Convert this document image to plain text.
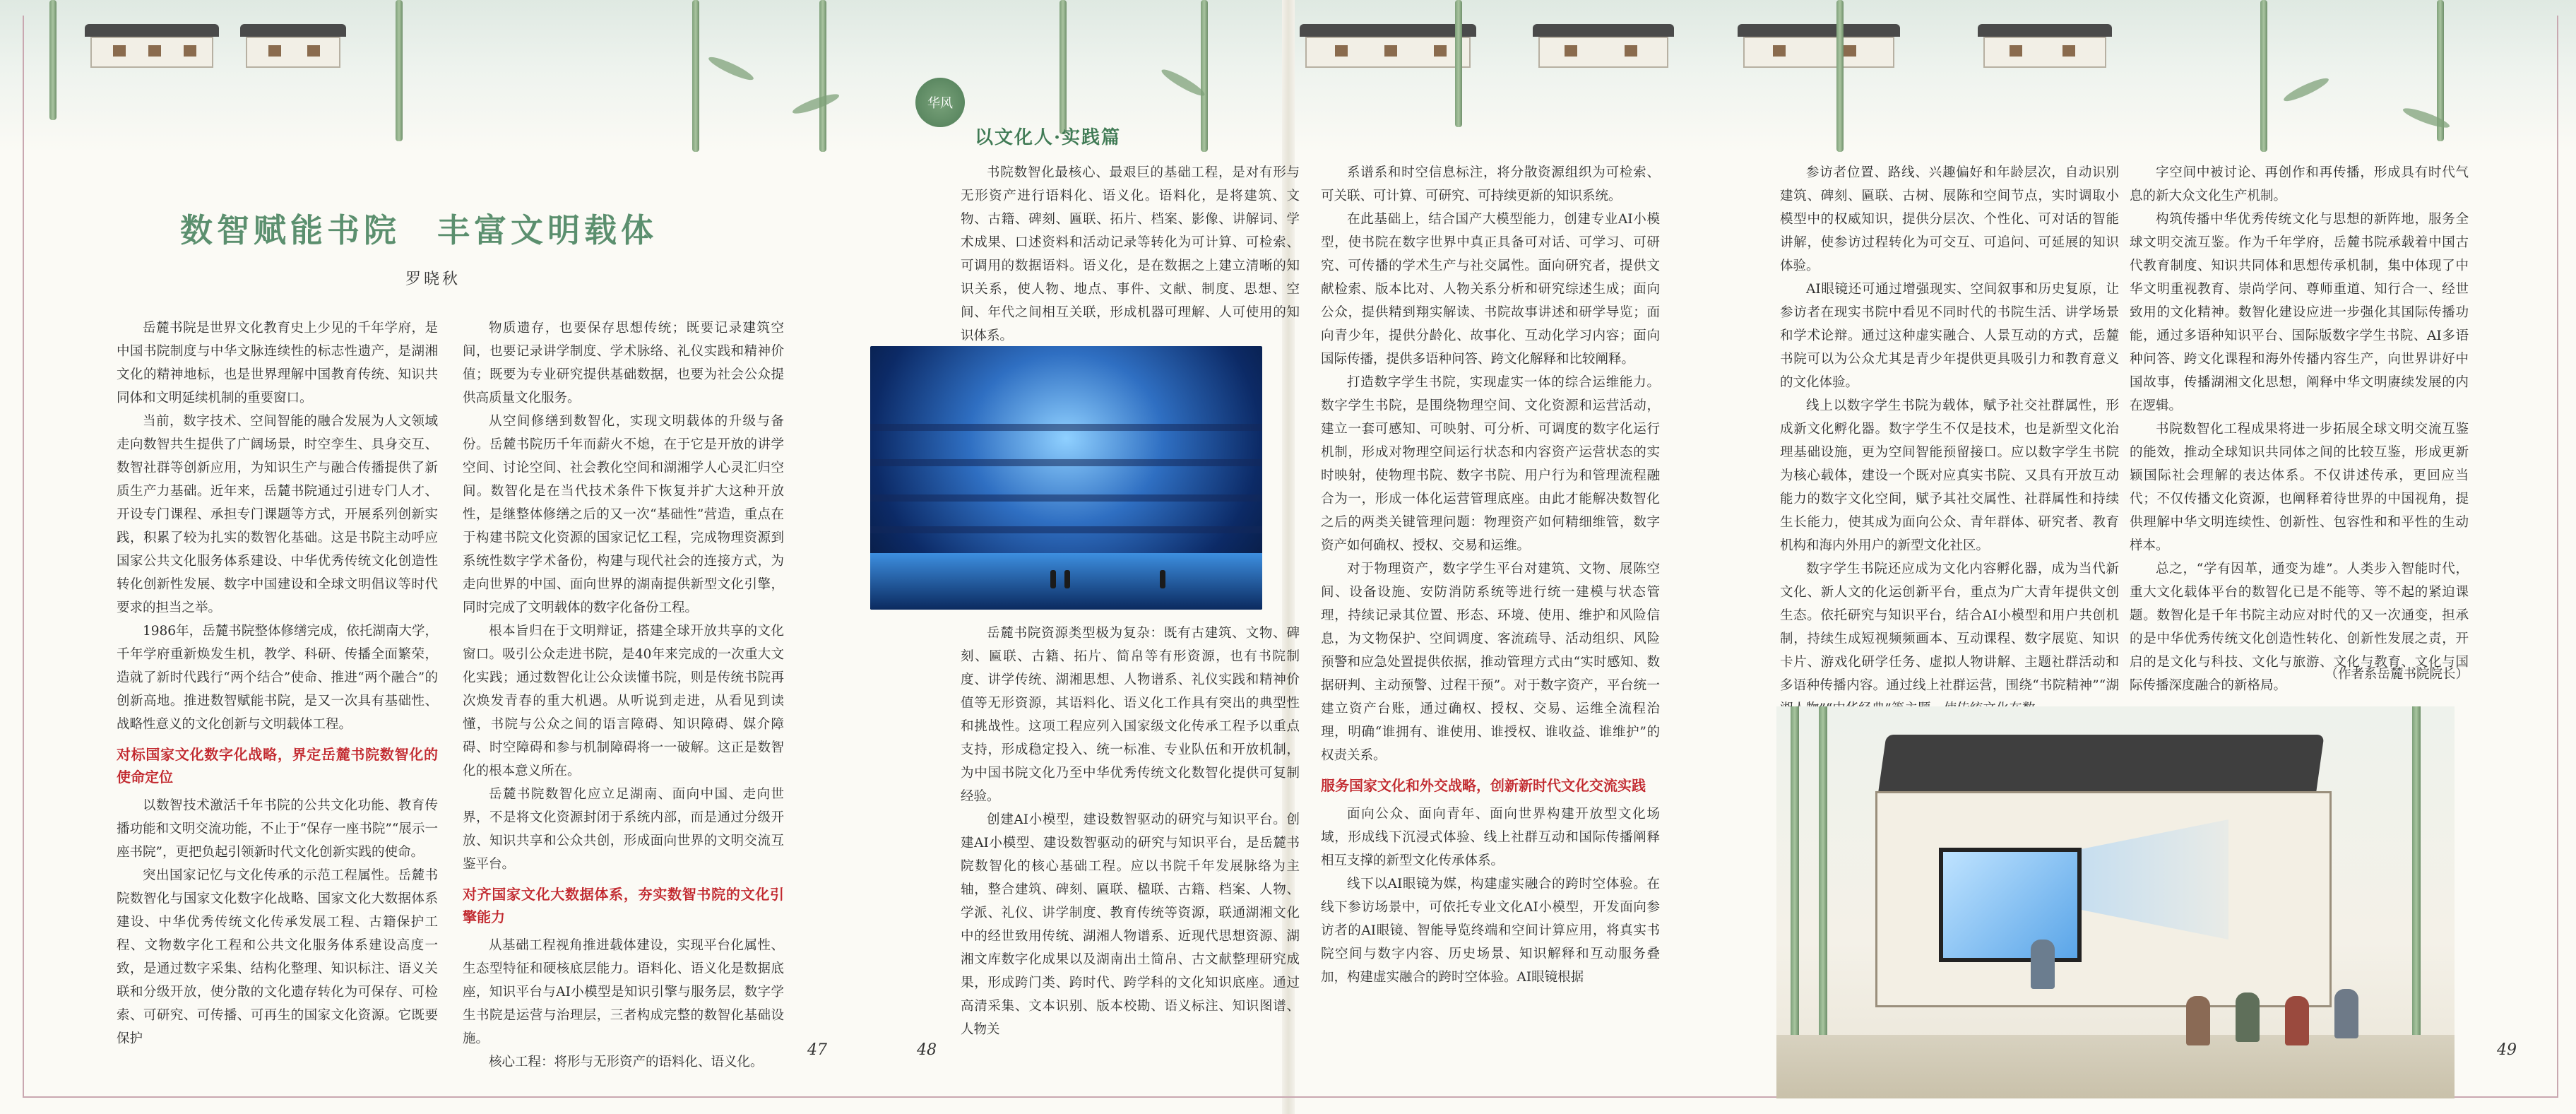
华风
以文化人·实践篇
数智赋能书院　丰富文明载体
罗晓秋

岳麓书院是世界文化教育史上少见的千年学府，是中国书院制度与中华文脉连续性的标志性遗产，是湖湘文化的精神地标，也是世界理解中国教育传统、知识共同体和文明延续机制的重要窗口。

当前，数字技术、空间智能的融合发展为人文领域走向数智共生提供了广阔场景，时空孪生、具身交互、数智社群等创新应用，为知识生产与融合传播提供了新质生产力基础。近年来，岳麓书院通过引进专门人才、开设专门课程、承担专门课题等方式，开展系列创新实践，积累了较为扎实的数智化基础。这是书院主动呼应国家公共文化服务体系建设、中华优秀传统文化创造性转化创新性发展、数字中国建设和全球文明倡议等时代要求的担当之举。

1986年，岳麓书院整体修缮完成，依托湖南大学，千年学府重新焕发生机，教学、科研、传播全面繁荣，造就了新时代践行“两个结合”使命、推进“两个融合”的创新高地。推进数智赋能书院，是又一次具有基础性、战略性意义的文化创新与文明载体工程。

对标国家文化数字化战略，界定岳麓书院数智化的使命定位

以数智技术激活千年书院的公共文化功能、教育传播功能和文明交流功能，不止于“保存一座书院”“展示一座书院”，更把负起引领新时代文化创新实践的使命。

突出国家记忆与文化传承的示范工程属性。岳麓书院数智化与国家文化数字化战略、国家文化大数据体系建设、中华优秀传统文化传承发展工程、古籍保护工程、文物数字化工程和公共文化服务体系建设高度一致，是通过数字采集、结构化整理、知识标注、语义关联和分级开放，使分散的文化遗存转化为可保存、可检索、可研究、可传播、可再生的国家文化资源。它既要保护

物质遗存，也要保存思想传统；既要记录建筑空间，也要记录讲学制度、学术脉络、礼仪实践和精神价值；既要为专业研究提供基础数据，也要为社会公众提供高质量文化服务。

从空间修缮到数智化，实现文明载体的升级与备份。岳麓书院历千年而薪火不熄，在于它是开放的讲学空间、讨论空间、社会教化空间和湖湘学人心灵汇归空间。数智化是在当代技术条件下恢复并扩大这种开放性，是继整体修缮之后的又一次“基础性”营造，重点在于构建书院文化资源的国家记忆工程，完成物理资源到系统性数字学术备份，构建与现代社会的连接方式，为走向世界的中国、面向世界的湖南提供新型文化引擎，同时完成了文明载体的数字化备份工程。

根本旨归在于文明辩证，搭建全球开放共享的文化窗口。吸引公众走进书院，是40年来完成的一次重大文化实践；通过数智化让公众读懂书院，则是传统书院再次焕发青春的重大机遇。从听说到走进，从看见到读懂，书院与公众之间的语言障碍、知识障碍、媒介障碍、时空障碍和参与机制障碍将一一破解。这正是数智化的根本意义所在。

岳麓书院数智化应立足湖南、面向中国、走向世界，不是将文化资源封闭于系统内部，而是通过分级开放、知识共享和公众共创，形成面向世界的文明交流互鉴平台。

对齐国家文化大数据体系，夯实数智书院的文化引擎能力

从基础工程视角推进载体建设，实现平台化属性、生态型特征和硬核底层能力。语料化、语义化是数据底座，知识平台与AI小模型是知识引擎与服务层，数字学生书院是运营与治理层，三者构成完整的数智化基础设施。

核心工程：将形与无形资产的语料化、语义化。

书院数智化最核心、最艰巨的基础工程，是对有形与无形资产进行语料化、语义化。语料化，是将建筑、文物、古籍、碑刻、匾联、拓片、档案、影像、讲解词、学术成果、口述资料和活动记录等转化为可计算、可检索、可调用的数据语料。语义化，是在数据之上建立清晰的知识关系，使人物、地点、事件、文献、制度、思想、空间、年代之间相互关联，形成机器可理解、人可使用的知识体系。

岳麓书院资源类型极为复杂：既有古建筑、文物、碑刻、匾联、古籍、拓片、简帛等有形资源，也有书院制度、讲学传统、湖湘思想、人物谱系、礼仪实践和精神价值等无形资源，其语料化、语义化工作具有突出的典型性和挑战性。这项工程应列入国家级文化传承工程予以重点支持，形成稳定投入、统一标准、专业队伍和开放机制，为中国书院文化乃至中华优秀传统文化数智化提供可复制经验。

创建AI小模型，建设数智驱动的研究与知识平台。创建AI小模型、建设数智驱动的研究与知识平台，是岳麓书院数智化的核心基础工程。应以书院千年发展脉络为主轴，整合建筑、碑刻、匾联、楹联、古籍、档案、人物、学派、礼仪、讲学制度、教育传统等资源，联通湖湘文化中的经世致用传统、湖湘人物谱系、近现代思想资源、湖湘文库数字化成果以及湖南出土简帛、古文献整理研究成果，形成跨门类、跨时代、跨学科的文化知识底座。通过高清采集、文本识别、版本校勘、语义标注、知识图谱、人物关

系谱系和时空信息标注，将分散资源组织为可检索、可关联、可计算、可研究、可持续更新的知识系统。

在此基础上，结合国产大模型能力，创建专业AI小模型，使书院在数字世界中真正具备可对话、可学习、可研究、可传播的学术生产与社交属性。面向研究者，提供文献检索、版本比对、人物关系分析和研究综述生成；面向公众，提供精到翔实解读、书院故事讲述和研学导览；面向青少年，提供分龄化、故事化、互动化学习内容；面向国际传播，提供多语种问答、跨文化解释和比较阐释。

打造数字学生书院，实现虚实一体的综合运维能力。数字学生书院，是围绕物理空间、文化资源和运营活动，建立一套可感知、可映射、可分析、可调度的数字化运行机制，形成对物理空间运行状态和内容资产运营状态的实时映射，使物理书院、数字书院、用户行为和管理流程融合为一，形成一体化运营管理底座。由此才能解决数智化之后的两类关键管理问题：物理资产如何精细维管，数字资产如何确权、授权、交易和运维。

对于物理资产，数字学生平台对建筑、文物、展陈空间、设备设施、安防消防系统等进行统一建模与状态管理，持续记录其位置、形态、环境、使用、维护和风险信息，为文物保护、空间调度、客流疏导、活动组织、风险预警和应急处置提供依据，推动管理方式由“实时感知、数据研判、主动预警、过程干预”。对于数字资产，平台统一建立资产台账，通过确权、授权、交易、运维全流程治理，明确“谁拥有、谁使用、谁授权、谁收益、谁维护”的权责关系。

服务国家文化和外交战略，创新新时代文化交流实践

面向公众、面向青年、面向世界构建开放型文化场域，形成线下沉浸式体验、线上社群互动和国际传播阐释相互支撑的新型文化传承体系。

线下以AI眼镜为媒，构建虚实融合的跨时空体验。在线下参访场景中，可依托专业文化AI小模型，开发面向参访者的AI眼镜、智能导览终端和空间计算应用，将真实书院空间与数字内容、历史场景、知识解释和互动服务叠加，构建虚实融合的跨时空体验。AI眼镜根据

参访者位置、路线、兴趣偏好和年龄层次，自动识别建筑、碑刻、匾联、古树、展陈和空间节点，实时调取小模型中的权威知识，提供分层次、个性化、可对话的智能讲解，使参访过程转化为可交互、可追问、可延展的知识体验。

AI眼镜还可通过增强现实、空间叙事和历史复原，让参访者在现实书院中看见不同时代的书院生活、讲学场景和学术论辩。通过这种虚实融合、人景互动的方式，岳麓书院可以为公众尤其是青少年提供更具吸引力和教育意义的文化体验。

线上以数字学生书院为载体，赋予社交社群属性，形成新文化孵化器。数字学生不仅是技术，也是新型文化治理基础设施，更为空间智能预留接口。应以数字学生书院为核心载体，建设一个既对应真实书院、又具有开放互动能力的数字文化空间，赋予其社交属性、社群属性和持续生长能力，使其成为面向公众、青年群体、研究者、教育机构和海内外用户的新型文化社区。

数字学生书院还应成为文化内容孵化器，成为当代新文化、新人文的化运创新平台，重点为广大青年提供文创生态。依托研究与知识平台，结合AI小模型和用户共创机制，持续生成短视频频画本、互动课程、数字展览、知识卡片、游戏化研学任务、虚拟人物讲解、主题社群活动和多语种传播内容。通过线上社群运营，围绕“书院精神”“湖

字空间中被讨论、再创作和再传播，形成具有时代气息的新大众文化生产机制。

构筑传播中华优秀传统文化与思想的新阵地，服务全球文明交流互鉴。作为千年学府，岳麓书院承载着中国古代教育制度、知识共同体和思想传承机制，集中体现了中华文明重视教育、崇尚学问、尊师重道、知行合一、经世致用的文化精神。数智化建设应进一步强化其国际传播功能，通过多语种知识平台、国际版数字学生书院、AI多语种问答、跨文化课程和海外传播内容生产，向世界讲好中国故事，传播湖湘文化思想，阐释中华文明赓续发展的内在逻辑。

书院数智化工程成果将进一步拓展全球文明交流互鉴的能效，推动全球知识共同体之间的比较互鉴，形成更新颖国际社会理解的表达体系。不仅讲述传承，更回应当代；不仅传播文化资源，也阐释着待世界的中国视角，提供理解中华文明连续性、创新性、包容性和和平性的生动样本。

总之，“学有因革，通变为雄”。人类步入智能时代，重大文化载体平台的数智化已是不能等、等不起的紧迫课题。数智化是千年书院主动应对时代的又一次通变，担承的是中华优秀传统文化创造性转化、创新性发展之责，开启的是文化与科技、文化与旅游、文化与教育、文化与国际传播深度融合的新格局。

（作者系岳麓书院院长）
47	48	49
